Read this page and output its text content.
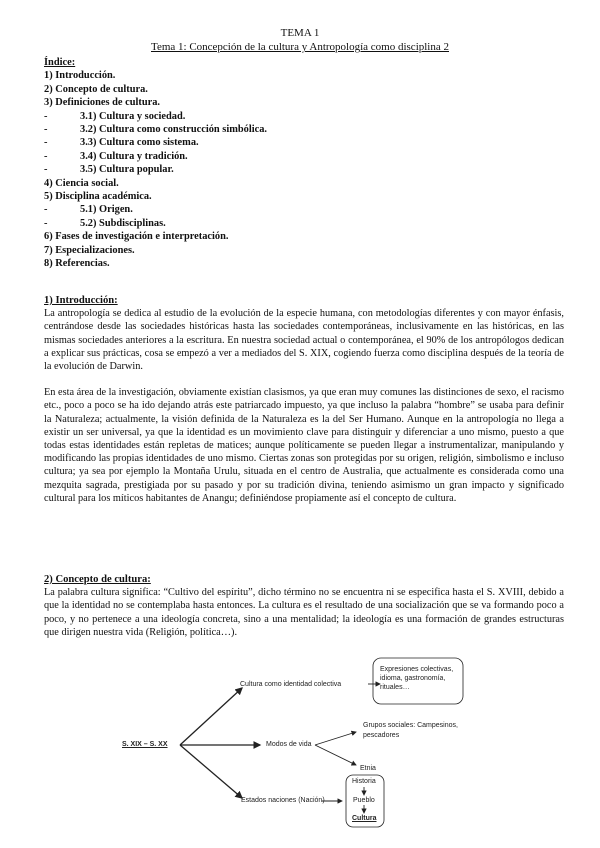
TEMA 1
Tema 1: Concepción de la cultura y Antropología como disciplina 2
Índice:
1) Introducción.
2) Concepto de cultura.
3) Definiciones de cultura.
-	3.1) Cultura y sociedad.
-	3.2) Cultura como construcción simbólica.
-	3.3) Cultura como sistema.
-	3.4) Cultura y tradición.
-	3.5) Cultura popular.
4) Ciencia social.
5) Disciplina académica.
-	5.1) Origen.
-	5.2) Subdisciplinas.
6) Fases de investigación e interpretación.
7) Especializaciones.
8) Referencias.
1) Introducción:

La antropología se dedica al estudio de la evolución de la especie humana, con metodologías diferentes y con mayor énfasis, centrándose desde las sociedades históricas hasta las sociedades contemporáneas, inclusivamente en las históricas, en las mismas sociedades anteriores a la escritura. En nuestra sociedad actual o contemporánea, el 90% de los antropólogos dedican a explicar sus prácticas, cosa se empezó a ver a mediados del S. XIX, cogiendo fuerza como disciplina después de la teoría de la evolución de Darwin.

En esta área de la investigación, obviamente existían clasismos, ya que eran muy comunes las distinciones de sexo, el racismo etc., poco a poco se ha ido dejando atrás este patriarcado impuesto, ya que incluso la palabra “hombre” se usaba para definir la Naturaleza; actualmente, la visión definida de la Naturaleza es la del Ser Humano. Aunque en la antropología no llega a existir un ser universal, ya que la identidad es un movimiento clave para distinguir y diferenciar a uno mismo, puesto a que todas estas identidades están repletas de matices; aunque políticamente se pueden llegar a instrumentalizar, manipulando y modificando las propias identidades de uno mismo. Ciertas zonas son protegidas por su origen, religión, simbolismo e incluso cultura; ya sea por ejemplo la Montaña Urulu, situada en el centro de Australia, que actualmente es considerada como una mezquita sagrada, prestigiada por su pasado y por su tradición divina, teniendo asimismo un gran impacto y significado cultural para los míticos habitantes de Anangu; definiéndose propiamente así el concepto de cultura.

2) Concepto de cultura:

La palabra cultura significa: “Cultivo del espíritu”, dicho término no se encuentra ni se especifica hasta el S. XVIII, debido a que la identidad no se contemplaba hasta entonces. La cultura es el resultado de una socialización que se va formando poco a poco, y no pertenece a una ideología concreta, sino a una mentalidad; la ideología es una formación de grandes estructuras que dirigen nuestra vida (Religión, política…).

S. XIX – S. XX
Cultura como identidad colectiva
Modos de vida
Estados naciones (Nación)
Expresiones colectivas,
idioma, gastronomía,
rituales…
Grupos sociales: Campesinos,
pescadores
Etnia
Historia
Pueblo
Cultura
